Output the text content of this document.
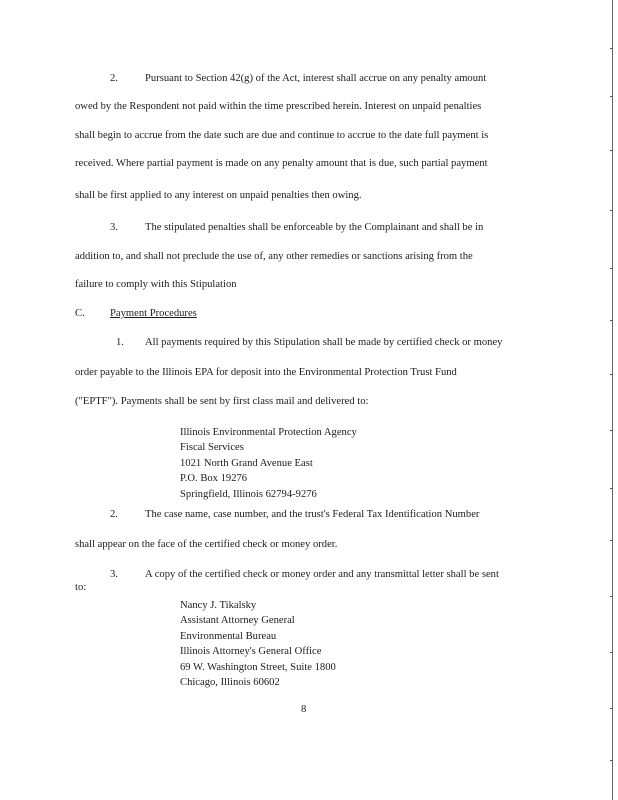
2.	Pursuant to Section 42(g) of the Act, interest shall accrue on any penalty amount
owed by the Respondent not paid within the time prescribed herein. Interest on unpaid penalties
shall begin to accrue from the date such are due and continue to accrue to the date full payment is
received. Where partial payment is made on any penalty amount that is due, such partial payment
shall be first applied to any interest on unpaid penalties then owing.
3.	The stipulated penalties shall be enforceable by the Complainant and shall be in
addition to, and shall not preclude the use of, any other remedies or sanctions arising from the
failure to comply with this Stipulation
C. Payment Procedures
1. All payments required by this Stipulation shall be made by certified check or money
order payable to the Illinois EPA for deposit into the Environmental Protection Trust Fund
("EPTF"). Payments shall be sent by first class mail and delivered to:
Illinois Environmental Protection Agency
Fiscal Services
1021 North Grand Avenue East
P.O. Box 19276
Springfield, Illinois 62794-9276
2.	The case name, case number, and the trust's Federal Tax Identification Number
shall appear on the face of the certified check or money order.
3.	A copy of the certified check or money order and any transmittal letter shall be sent
to:
Nancy J. Tikalsky
Assistant Attorney General
Environmental Bureau
Illinois Attorney's General Office
69 W. Washington Street, Suite 1800
Chicago, Illinois 60602
8
